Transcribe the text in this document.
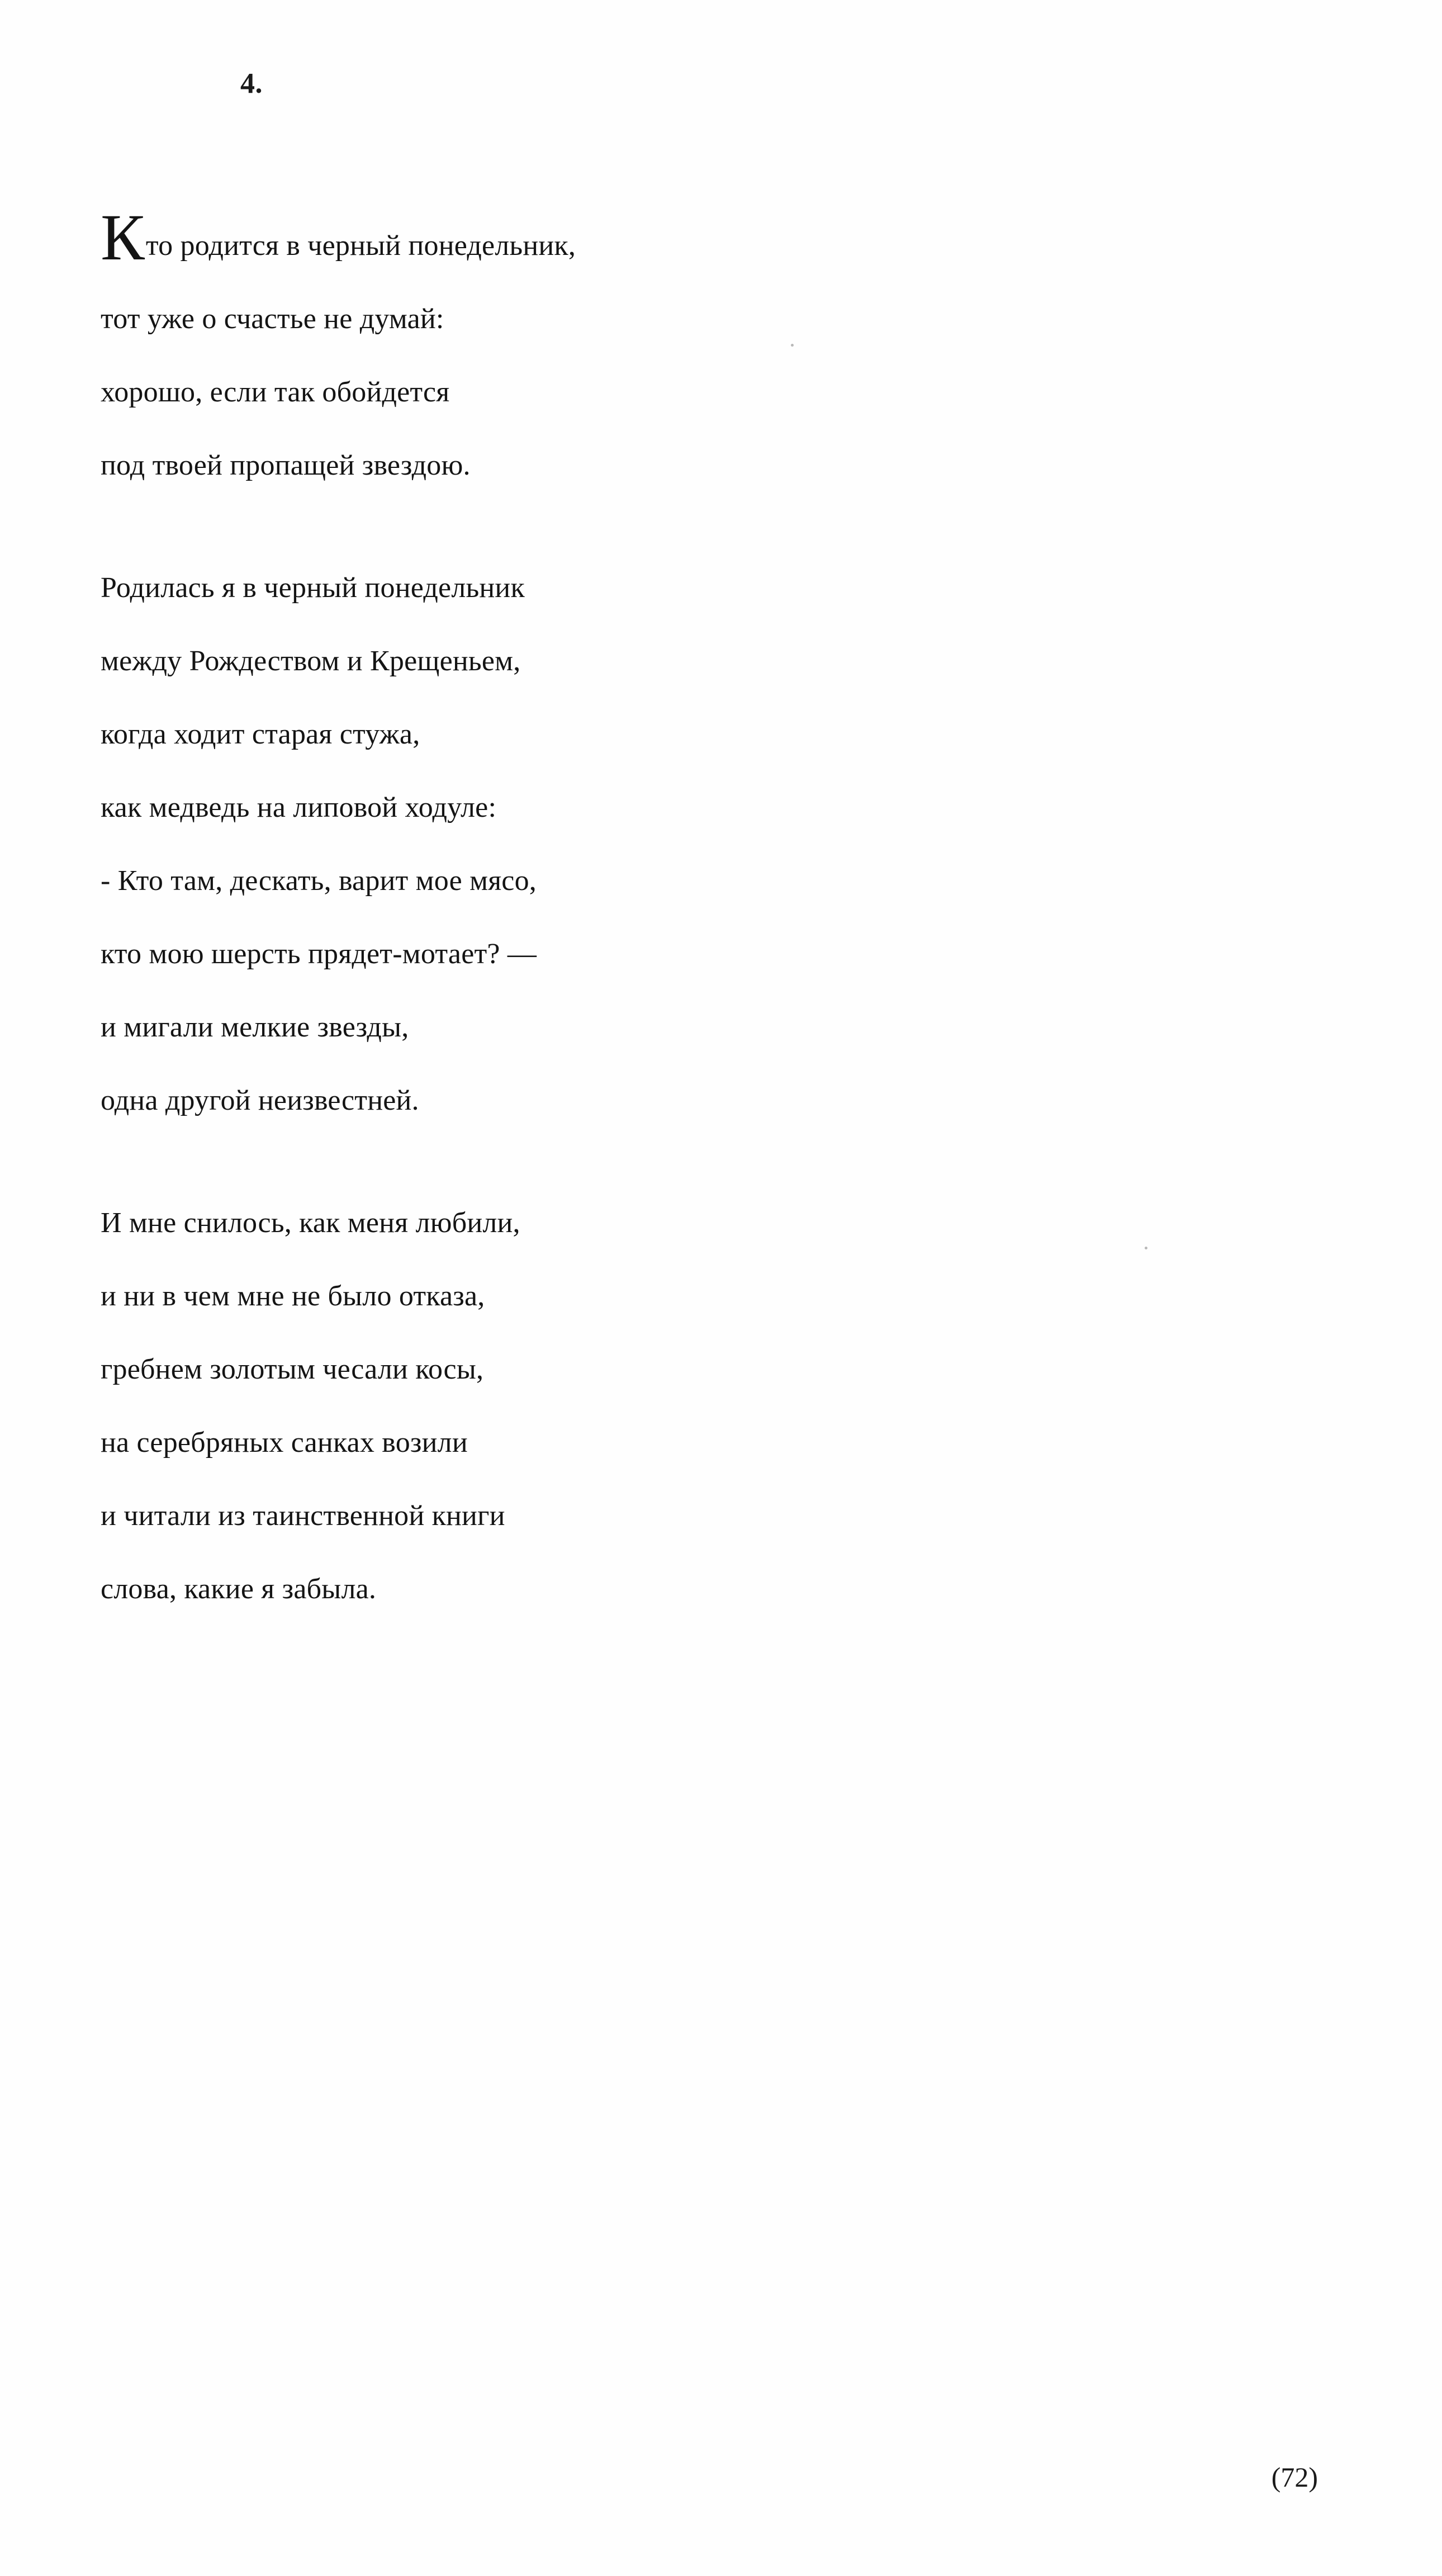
4.
К то родится в черный понедельник,
тот уже о счастье не думай:
хорошо, если так обойдется
под твоей пропащей звездою.
Родилась я в черный понедельник
между Рождеством и Крещеньем,
когда ходит старая стужа,
как медведь на липовой ходуле:
- Кто там, дескать, варит мое мясо,
кто мою шерсть прядет-мотает? —
и мигали мелкие звезды,
одна другой неизвестней.
И мне снилось, как меня любили,
и ни в чем мне не было отказа,
гребнем золотым чесали косы,
на серебряных санках возили
и читали из таинственной книги
слова, какие я забыла.
(72)
